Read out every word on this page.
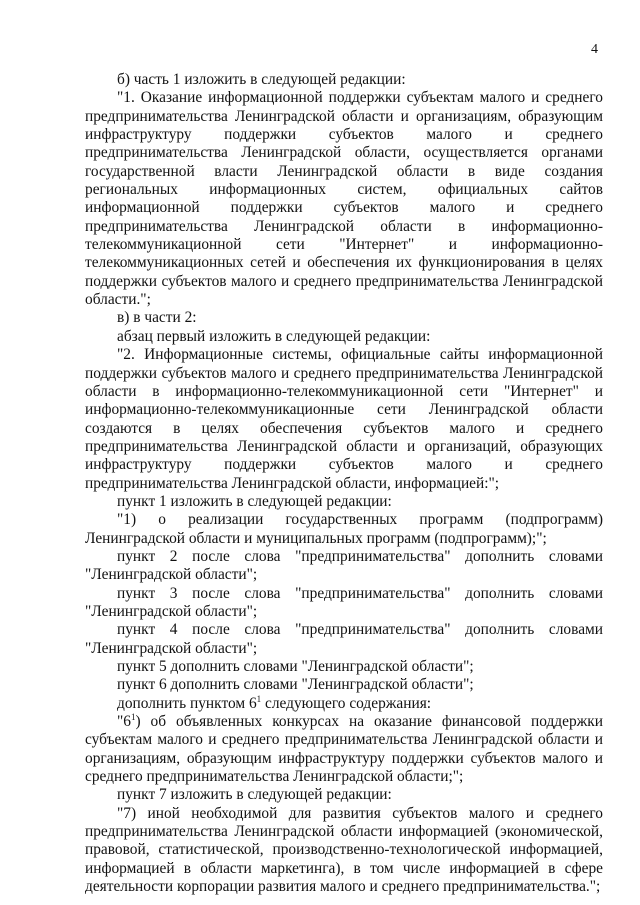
4

б) часть 1 изложить в следующей редакции:

"1. Оказание информационной поддержки субъектам малого и среднего предпринимательства Ленинградской области и организациям, образующим инфраструктуру поддержки субъектов малого и среднего предпринимательства Ленинградской области, осуществляется органами государственной власти Ленинградской области в виде создания региональных информационных систем, официальных сайтов информационной поддержки субъектов малого и среднего предпринимательства Ленинградской области в информационно-телекоммуникационной сети "Интернет" и информационно-телекоммуникационных сетей и обеспечения их функционирования в целях поддержки субъектов малого и среднего предпринимательства Ленинградской области.";

в) в части 2:

абзац первый изложить в следующей редакции:

"2. Информационные системы, официальные сайты информационной поддержки субъектов малого и среднего предпринимательства Ленинградской области в информационно-телекоммуникационной сети "Интернет" и информационно-телекоммуникационные сети Ленинградской области создаются в целях обеспечения субъектов малого и среднего предпринимательства Ленинградской области и организаций, образующих инфраструктуру поддержки субъектов малого и среднего предпринимательства Ленинградской области, информацией:";

пункт 1 изложить в следующей редакции:

"1) о реализации государственных программ (подпрограмм) Ленинградской области и муниципальных программ (подпрограмм);";

пункт 2 после слова "предпринимательства" дополнить словами "Ленинградской области";

пункт 3 после слова "предпринимательства" дополнить словами "Ленинградской области";

пункт 4 после слова "предпринимательства" дополнить словами "Ленинградской области";

пункт 5 дополнить словами "Ленинградской области";

пункт 6 дополнить словами "Ленинградской области";

дополнить пунктом $6^1$ следующего содержания:

"$6^1$) об объявленных конкурсах на оказание финансовой поддержки субъектам малого и среднего предпринимательства Ленинградской области и организациям, образующим инфраструктуру поддержки субъектов малого и среднего предпринимательства Ленинградской области;";

пункт 7 изложить в следующей редакции:

"7) иной необходимой для развития субъектов малого и среднего предпринимательства Ленинградской области информацией (экономической, правовой, статистической, производственно-технологической информацией, информацией в области маркетинга), в том числе информацией в сфере деятельности корпорации развития малого и среднего предпринимательства.";
